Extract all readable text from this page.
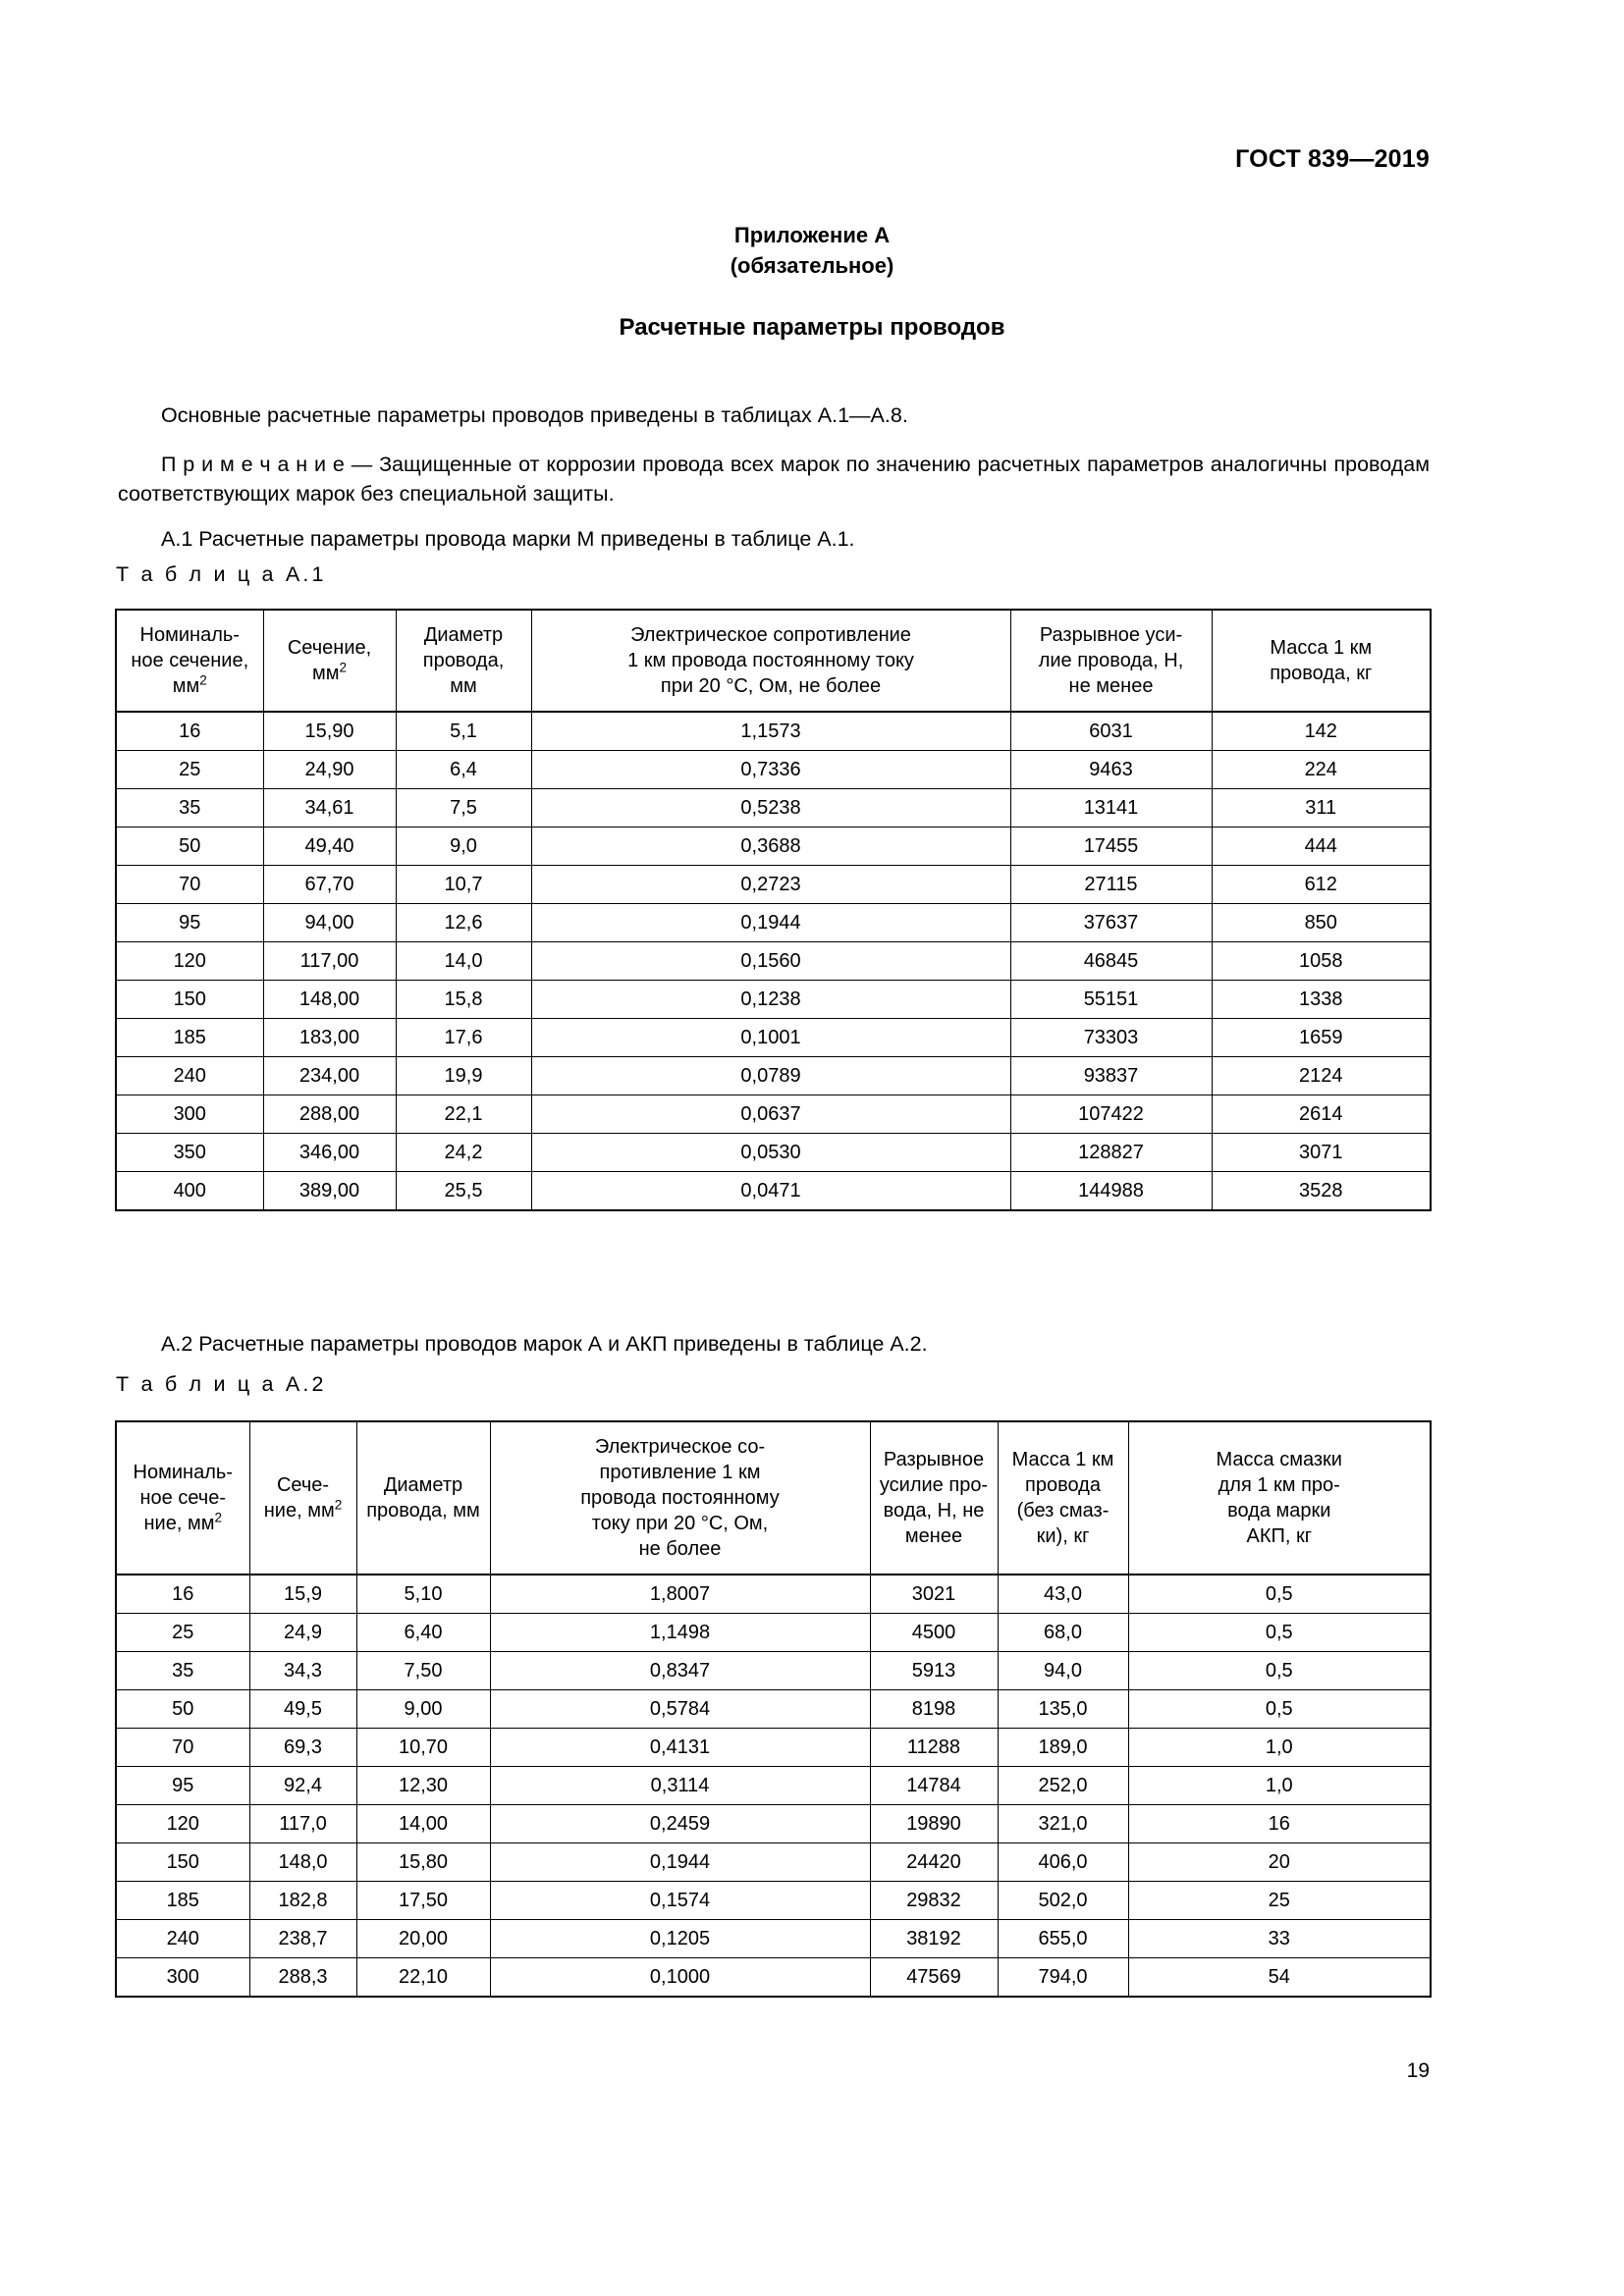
ГОСТ 839—2019
Приложение А
(обязательное)
Расчетные параметры проводов

Основные расчетные параметры проводов приведены в таблицах А.1—А.8.

П р и м е ч а н и е — Защищенные от коррозии провода всех марок по значению расчетных параметров аналогичны проводам соответствующих марок без специальной защиты.

А.1 Расчетные параметры провода марки М приведены в таблице А.1.

Т а б л и ц а А.1
Номиналь-
ное сечение,
$мм^2$

Сечение,
$мм^2$

Диаметр
провода,
мм

Электрическое сопротивление
1 км провода постоянному току
при 20 °С, Ом, не более

Разрывное уси-
лие провода, Н,
не менее

Масса 1 км
провода, кг

16	15,90	5,1	1,1573	6031	142
25	24,90	6,4	0,7336	9463	224
35	34,61	7,5	0,5238	13141	311
50	49,40	9,0	0,3688	17455	444
70	67,70	10,7	0,2723	27115	612
95	94,00	12,6	0,1944	37637	850
120	117,00	14,0	0,1560	46845	1058
150	148,00	15,8	0,1238	55151	1338
185	183,00	17,6	0,1001	73303	1659
240	234,00	19,9	0,0789	93837	2124
300	288,00	22,1	0,0637	107422	2614
350	346,00	24,2	0,0530	128827	3071
400	389,00	25,5	0,0471	144988	3528

А.2 Расчетные параметры проводов марок А и АКП приведены в таблице А.2.

Т а б л и ц а А.2
Номиналь-
ное сече-
ние, $мм^2$

Сече-
ние, $мм^2$

Диаметр
провода, мм

Электрическое со-
противление 1 км
провода постоянному
току при 20 °С, Ом,
не более

Разрывное
усилие про-
вода, Н, не
менее

Масса 1 км
провода
(без смаз-
ки), кг

Масса смазки
для 1 км про-
вода марки
АКП, кг

16	15,9	5,10	1,8007	3021	43,0	0,5
25	24,9	6,40	1,1498	4500	68,0	0,5
35	34,3	7,50	0,8347	5913	94,0	0,5
50	49,5	9,00	0,5784	8198	135,0	0,5
70	69,3	10,70	0,4131	11288	189,0	1,0
95	92,4	12,30	0,3114	14784	252,0	1,0
120	117,0	14,00	0,2459	19890	321,0	16
150	148,0	15,80	0,1944	24420	406,0	20
185	182,8	17,50	0,1574	29832	502,0	25
240	238,7	20,00	0,1205	38192	655,0	33
300	288,3	22,10	0,1000	47569	794,0	54
19
